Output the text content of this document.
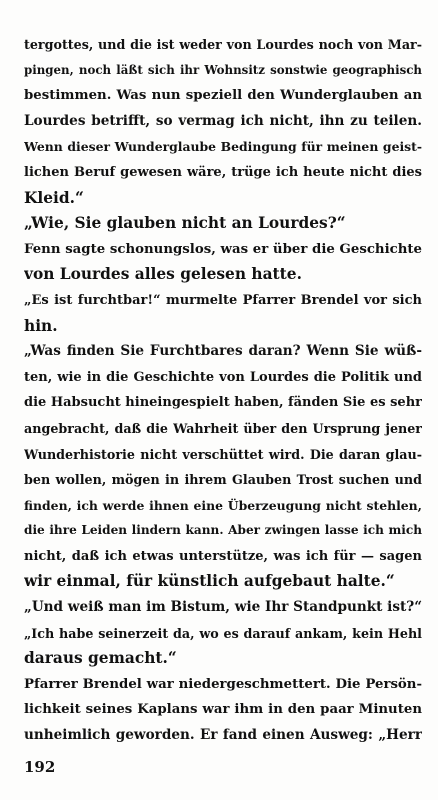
tergottes, und die ist weder von Lourdes noch von Mar-
pingen, noch läßt sich ihr Wohnsitz sonstwie geographisch
bestimmen. Was nun speziell den Wunderglauben an
Lourdes betrifft, so vermag ich nicht, ihn zu teilen.
Wenn dieser Wunderglaube Bedingung für meinen geist-
lichen Beruf gewesen wäre, trüge ich heute nicht dies
Kleid.“
„Wie, Sie glauben nicht an Lourdes?“
Fenn sagte schonungslos, was er über die Geschichte
von Lourdes alles gelesen hatte.
„Es ist furchtbar!“ murmelte Pfarrer Brendel vor sich
hin.
„Was finden Sie Furchtbares daran? Wenn Sie wüß-
ten, wie in die Geschichte von Lourdes die Politik und
die Habsucht hineingespielt haben, fänden Sie es sehr
angebracht, daß die Wahrheit über den Ursprung jener
Wunderhistorie nicht verschüttet wird. Die daran glau-
ben wollen, mögen in ihrem Glauben Trost suchen und
finden, ich werde ihnen eine Überzeugung nicht stehlen,
die ihre Leiden lindern kann. Aber zwingen lasse ich mich
nicht, daß ich etwas unterstütze, was ich für — sagen
wir einmal, für künstlich aufgebaut halte.“
„Und weiß man im Bistum, wie Ihr Standpunkt ist?“
„Ich habe seinerzeit da, wo es darauf ankam, kein Hehl
daraus gemacht.“
Pfarrer Brendel war niedergeschmettert. Die Persön-
lichkeit seines Kaplans war ihm in den paar Minuten
unheimlich geworden. Er fand einen Ausweg: „Herr
192
